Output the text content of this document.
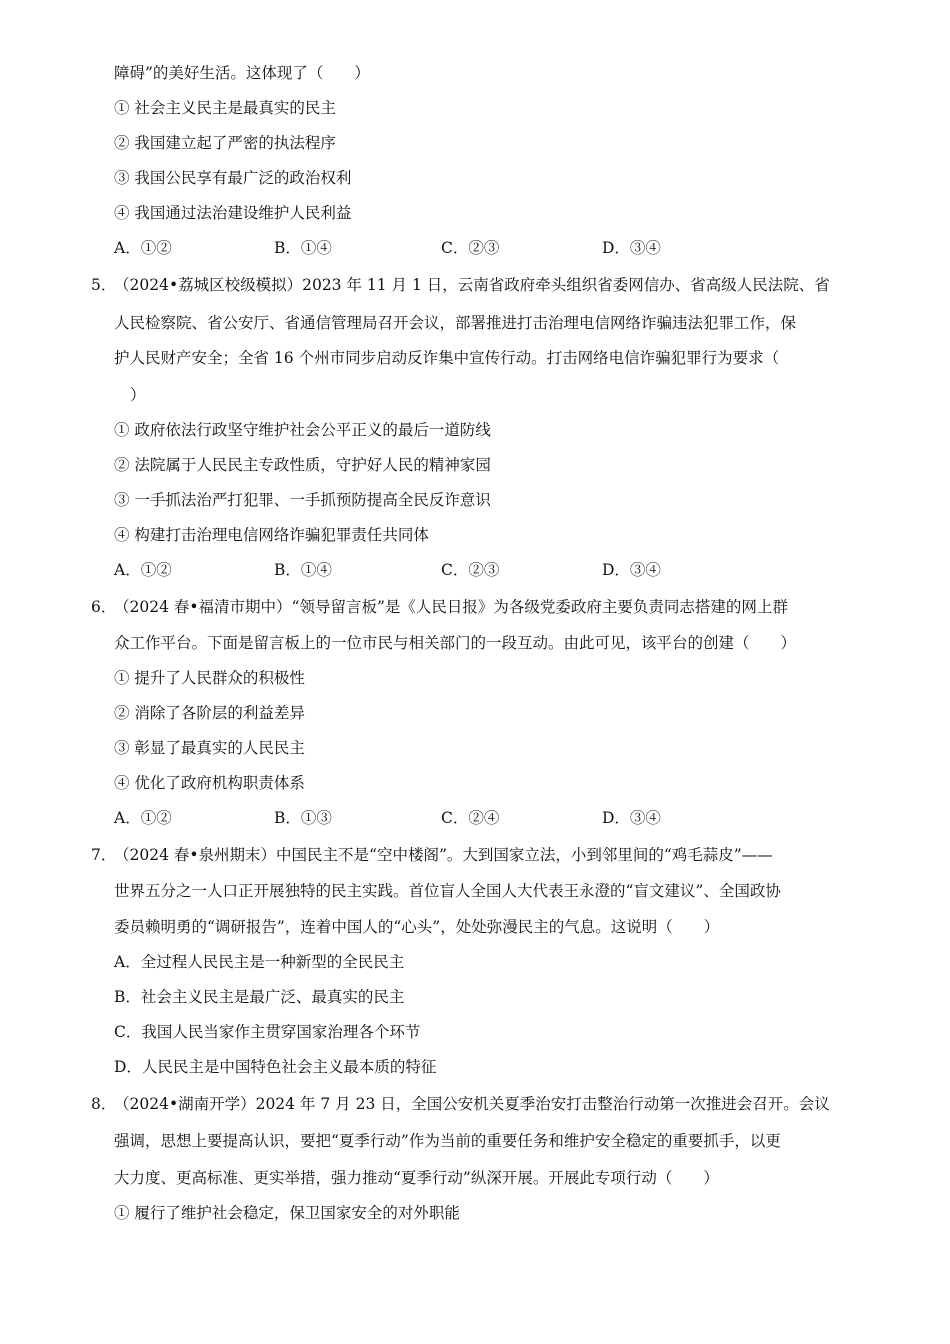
障碍”的美好生活。这体现了（　　）
① 社会主义民主是最真实的民主
② 我国建立起了严密的执法程序
③ 我国公民享有最广泛的政治权利
④ 我国通过法治建设维护人民利益
A．①②	B．①④	C．②③	D．③④
5．
（2024•荔城区校级模拟）2023 年 11 月 1 日，云南省政府牵头组织省委网信办、省高级人民法院、省
人民检察院、省公安厅、省通信管理局召开会议，部署推进打击治理电信网络诈骗违法犯罪工作，保
护人民财产安全；全省 16 个州市同步启动反诈集中宣传行动。打击网络电信诈骗犯罪行为要求（
）
① 政府依法行政坚守维护社会公平正义的最后一道防线
② 法院属于人民民主专政性质，守护好人民的精神家园
③ 一手抓法治严打犯罪、一手抓预防提高全民反诈意识
④ 构建打击治理电信网络诈骗犯罪责任共同体
A．①②	B．①④	C．②③	D．③④
6．
（2024 春•福清市期中）“领导留言板”是《人民日报》为各级党委政府主要负责同志搭建的网上群
众工作平台。下面是留言板上的一位市民与相关部门的一段互动。由此可见，该平台的创建（　　）
① 提升了人民群众的积极性
② 消除了各阶层的利益差异
③ 彰显了最真实的人民民主
④ 优化了政府机构职责体系
A．①②	B．①③	C．②④	D．③④
7．
（2024 春•泉州期末）中国民主不是“空中楼阁”。大到国家立法，小到邻里间的“鸡毛蒜皮”——
世界五分之一人口正开展独特的民主实践。首位盲人全国人大代表王永澄的“盲文建议”、全国政协
委员赖明勇的“调研报告”，连着中国人的“心头”，处处弥漫民主的气息。这说明（　　）
A．全过程人民民主是一种新型的全民民主
B．社会主义民主是最广泛、最真实的民主
C．我国人民当家作主贯穿国家治理各个环节
D．人民民主是中国特色社会主义最本质的特征
8．
（2024•湖南开学）2024 年 7 月 23 日，全国公安机关夏季治安打击整治行动第一次推进会召开。会议
强调，思想上要提高认识，要把“夏季行动”作为当前的重要任务和维护安全稳定的重要抓手，以更
大力度、更高标准、更实举措，强力推动“夏季行动”纵深开展。开展此专项行动（　　）
① 履行了维护社会稳定，保卫国家安全的对外职能
